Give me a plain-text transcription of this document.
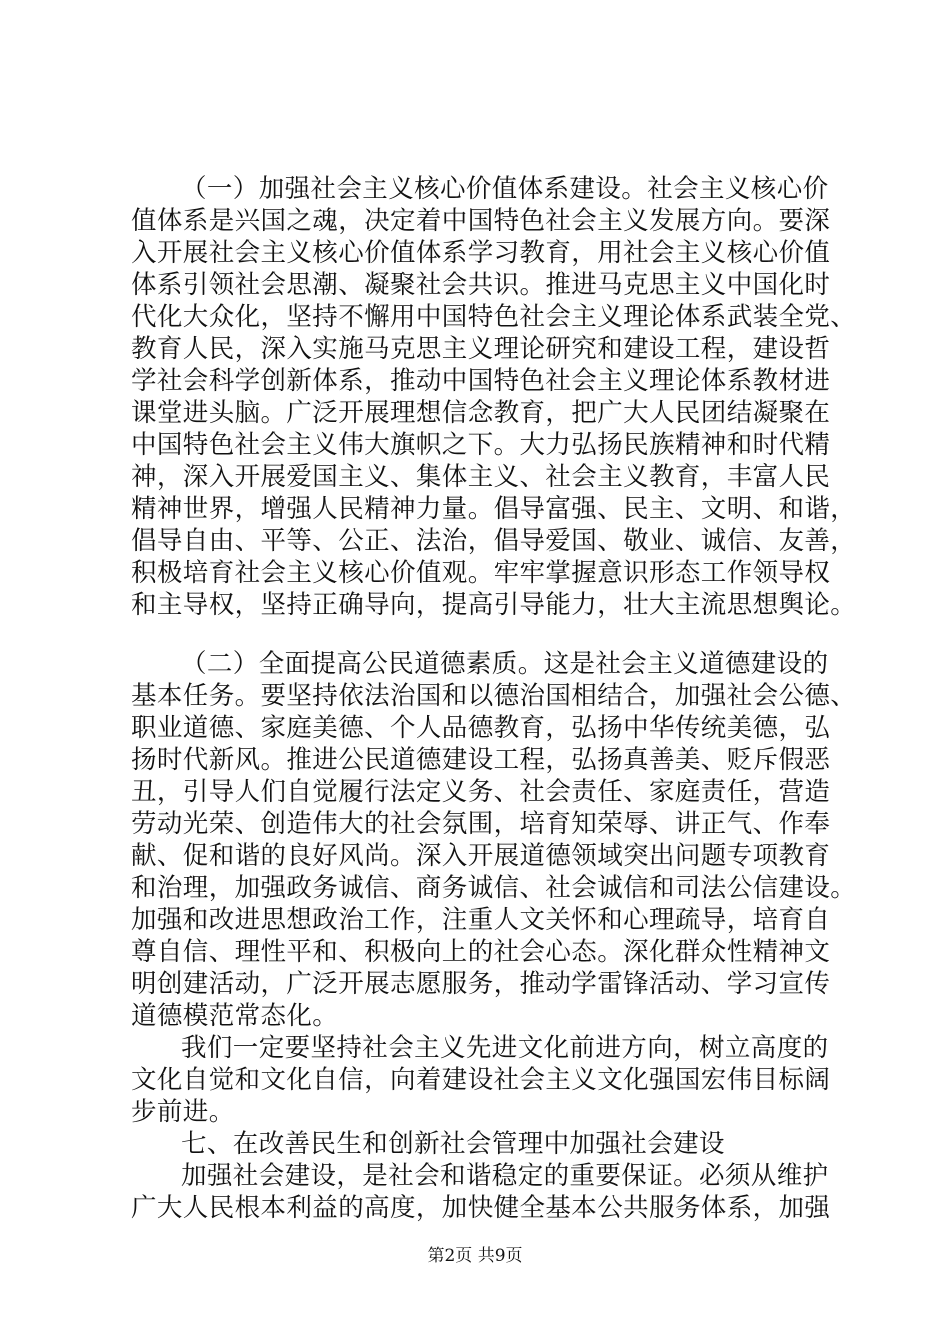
（一）加强社会主义核心价值体系建设。社会主义核心价
值体系是兴国之魂，决定着中国特色社会主义发展方向。要深
入开展社会主义核心价值体系学习教育，用社会主义核心价值
体系引领社会思潮、凝聚社会共识。推进马克思主义中国化时
代化大众化，坚持不懈用中国特色社会主义理论体系武装全党、
教育人民，深入实施马克思主义理论研究和建设工程，建设哲
学社会科学创新体系，推动中国特色社会主义理论体系教材进
课堂进头脑。广泛开展理想信念教育，把广大人民团结凝聚在
中国特色社会主义伟大旗帜之下。大力弘扬民族精神和时代精
神，深入开展爱国主义、集体主义、社会主义教育，丰富人民
精神世界，增强人民精神力量。倡导富强、民主、文明、和谐，
倡导自由、平等、公正、法治，倡导爱国、敬业、诚信、友善，
积极培育社会主义核心价值观。牢牢掌握意识形态工作领导权
和主导权，坚持正确导向，提高引导能力，壮大主流思想舆论。
（二）全面提高公民道德素质。这是社会主义道德建设的
基本任务。要坚持依法治国和以德治国相结合，加强社会公德、
职业道德、家庭美德、个人品德教育，弘扬中华传统美德，弘
扬时代新风。推进公民道德建设工程，弘扬真善美、贬斥假恶
丑，引导人们自觉履行法定义务、社会责任、家庭责任，营造
劳动光荣、创造伟大的社会氛围，培育知荣辱、讲正气、作奉
献、促和谐的良好风尚。深入开展道德领域突出问题专项教育
和治理，加强政务诚信、商务诚信、社会诚信和司法公信建设。
加强和改进思想政治工作，注重人文关怀和心理疏导，培育自
尊自信、理性平和、积极向上的社会心态。深化群众性精神文
明创建活动，广泛开展志愿服务，推动学雷锋活动、学习宣传
道德模范常态化。
我们一定要坚持社会主义先进文化前进方向，树立高度的
文化自觉和文化自信，向着建设社会主义文化强国宏伟目标阔
步前进。
七、在改善民生和创新社会管理中加强社会建设
加强社会建设，是社会和谐稳定的重要保证。必须从维护
广大人民根本利益的高度，加快健全基本公共服务体系，加强
第2页 共9页
